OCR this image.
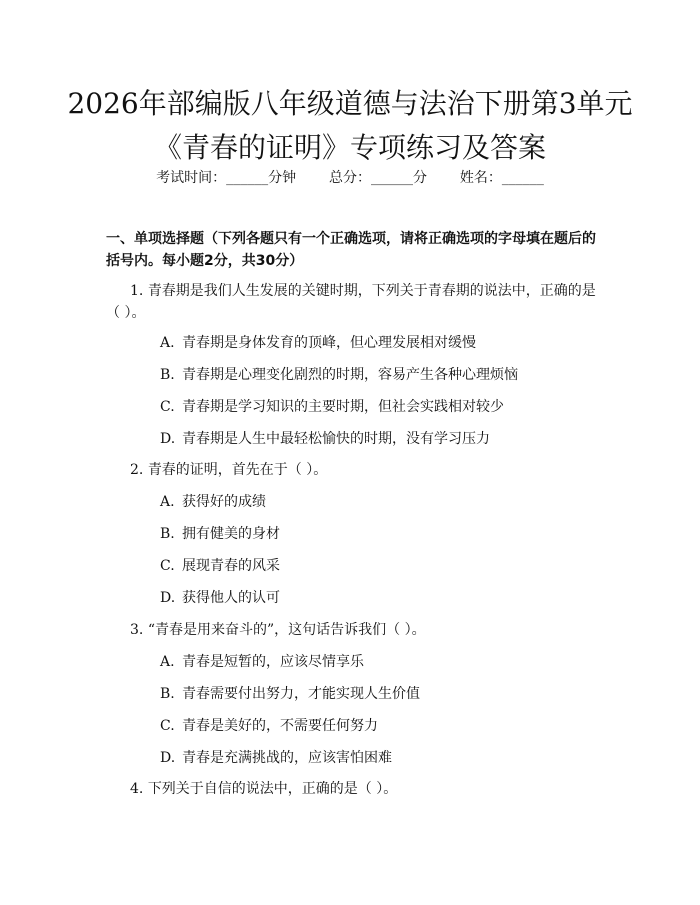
2026年部编版八年级道德与法治下册第3单元《青春的证明》专项练习及答案
考试时间：______分钟 总分：______分 姓名：______
一、单项选择题（下列各题只有一个正确选项，请将正确选项的字母填在题后的括号内。每小题2分，共30分）
1. 青春期是我们人生发展的关键时期，下列关于青春期的说法中，正确的是（ ）。
A. 青春期是身体发育的顶峰，但心理发展相对缓慢
B. 青春期是心理变化剧烈的时期，容易产生各种心理烦恼
C. 青春期是学习知识的主要时期，但社会实践相对较少
D. 青春期是人生中最轻松愉快的时期，没有学习压力
2. 青春的证明，首先在于（ ）。
A. 获得好的成绩
B. 拥有健美的身材
C. 展现青春的风采
D. 获得他人的认可
3. “青春是用来奋斗的”，这句话告诉我们（ ）。
A. 青春是短暂的，应该尽情享乐
B. 青春需要付出努力，才能实现人生价值
C. 青春是美好的，不需要任何努力
D. 青春是充满挑战的，应该害怕困难
4. 下列关于自信的说法中，正确的是（ ）。
